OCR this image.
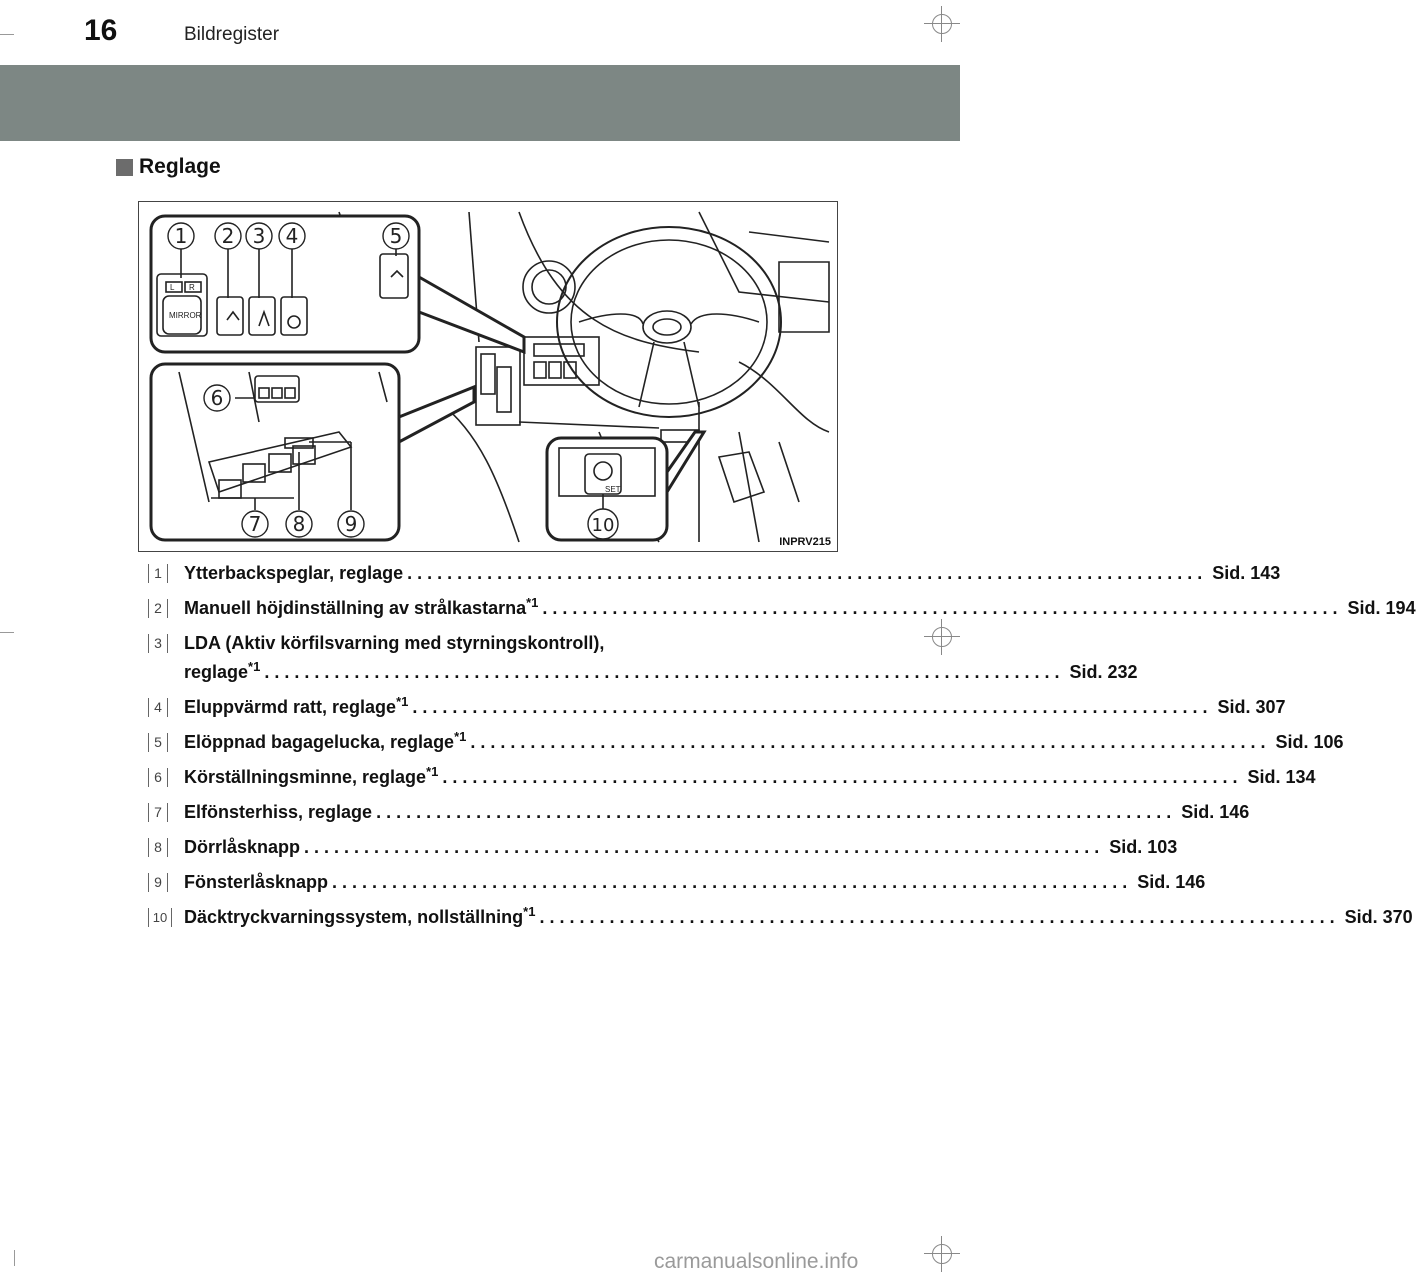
16	Bildregister
Reglage
MIRROR
L R
SET
1 2 3 4	5
6
7 8 9	10
INPRV215
1	Ytterbackspeglar, reglage . . .	Sid. 143
2	Manuell höjdinställning av strålkastarna$^{*1}$ . . .	Sid. 194
3	LDA (Aktiv körfilsvarning med styrningskontroll),
reglage$^{*1}$ . . .	Sid. 232
4	Eluppvärmd ratt, reglage$^{*1}$ . . .	Sid. 307
5	Elöppnad bagagelucka, reglage$^{*1}$ . . .	Sid. 106
6	Körställningsminne, reglage$^{*1}$ . . .	Sid. 134
7	Elfönsterhiss, reglage . . .	Sid. 146
8	Dörrlåsknapp . . .	Sid. 103
9	Fönsterlåsknapp . . .	Sid. 146
10 Däcktryckvarningssystem, nollställning$^{*1}$ . . .	Sid. 370
carmanualsonline.info
